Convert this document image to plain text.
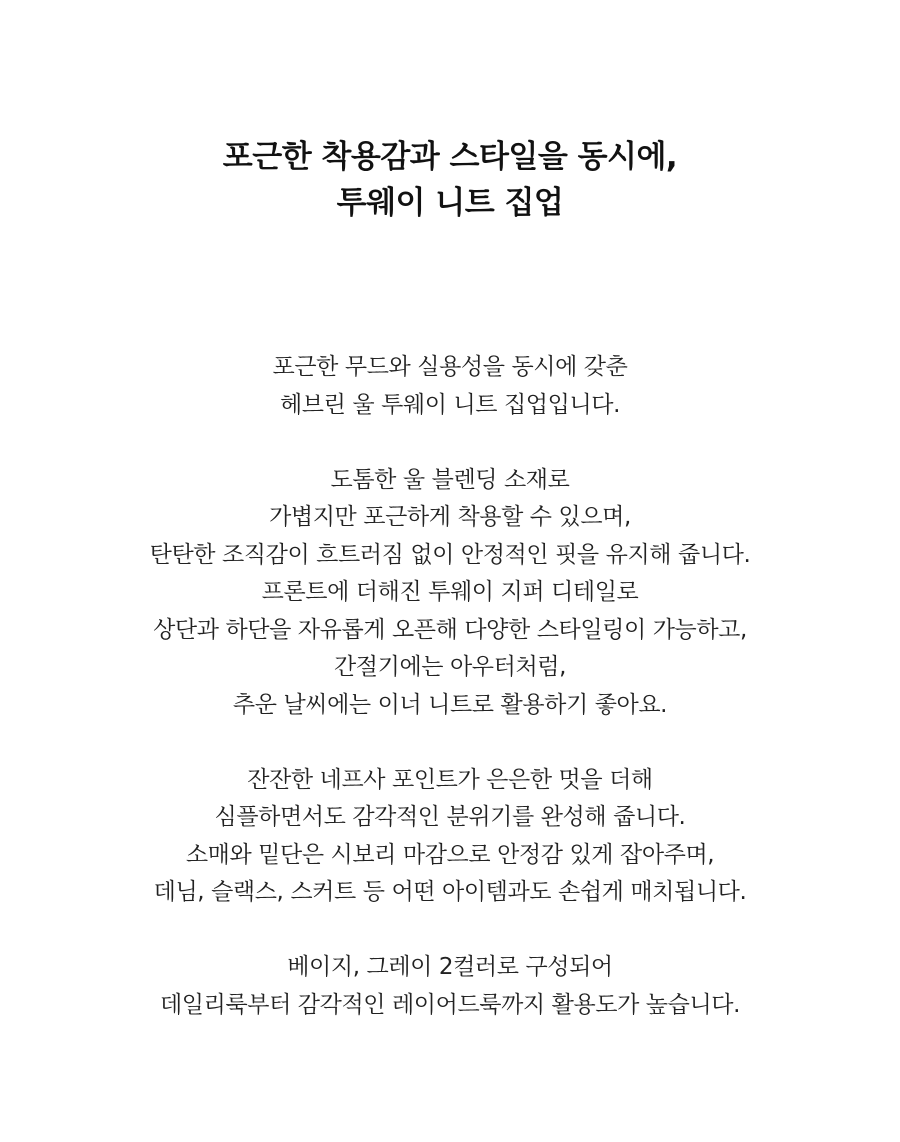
포근한 착용감과 스타일을 동시에,
투웨이 니트 집업

포근한 무드와 실용성을 동시에 갖춘
헤브린 울 투웨이 니트 집업입니다.

도톰한 울 블렌딩 소재로
가볍지만 포근하게 착용할 수 있으며,
탄탄한 조직감이 흐트러짐 없이 안정적인 핏을 유지해 줍니다.
프론트에 더해진 투웨이 지퍼 디테일로
상단과 하단을 자유롭게 오픈해 다양한 스타일링이 가능하고,
간절기에는 아우터처럼,
추운 날씨에는 이너 니트로 활용하기 좋아요.

잔잔한 네프사 포인트가 은은한 멋을 더해
심플하면서도 감각적인 분위기를 완성해 줍니다.
소매와 밑단은 시보리 마감으로 안정감 있게 잡아주며,
데님, 슬랙스, 스커트 등 어떤 아이템과도 손쉽게 매치됩니다.

베이지, 그레이 2컬러로 구성되어
데일리룩부터 감각적인 레이어드룩까지 활용도가 높습니다.
